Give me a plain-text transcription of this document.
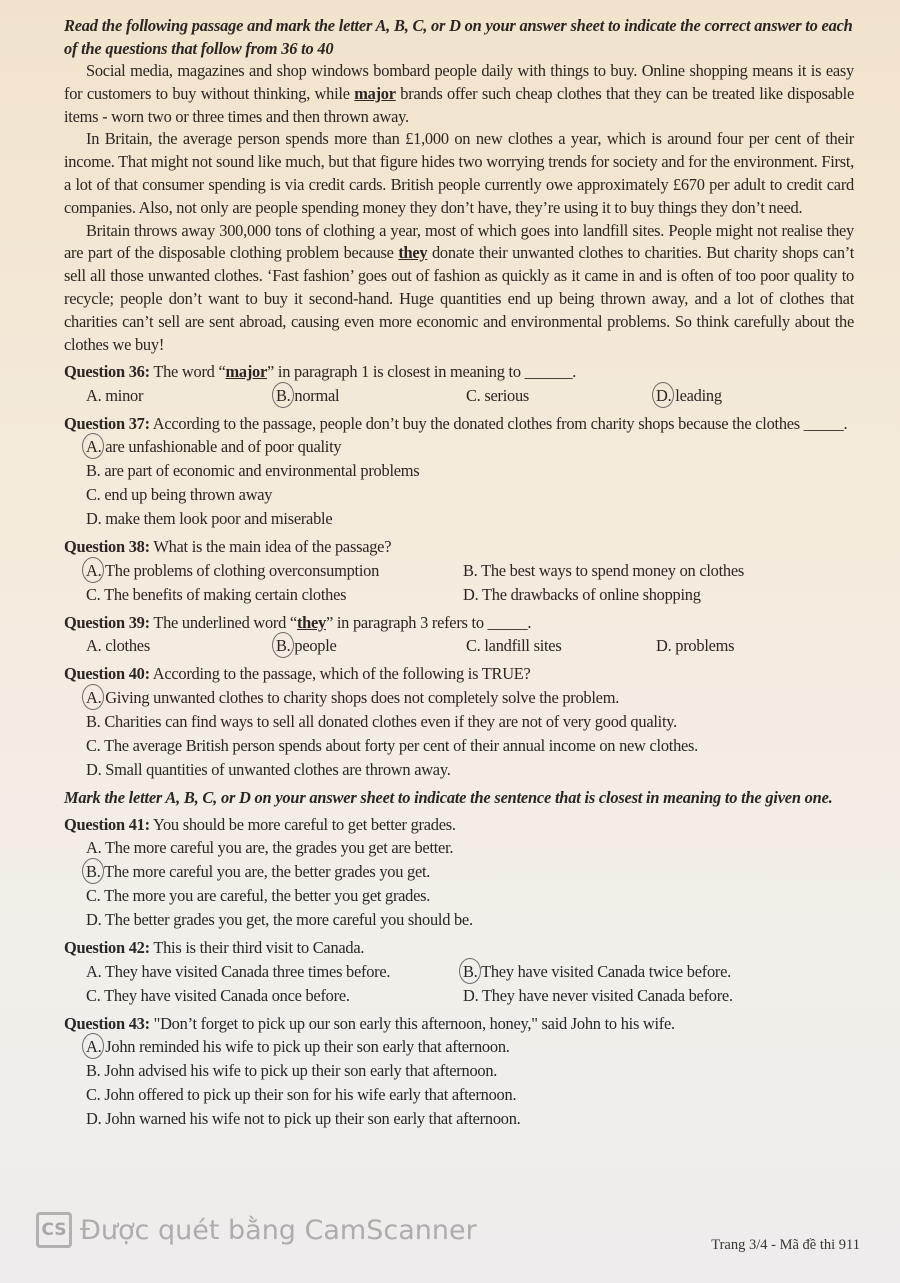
Read the following passage and mark the letter A, B, C, or D on your answer sheet to indicate the correct answer to each of the questions that follow from 36 to 40

Social media, magazines and shop windows bombard people daily with things to buy. Online shopping means it is easy for customers to buy without thinking, while major brands offer such cheap clothes that they can be treated like disposable items - worn two or three times and then thrown away.

In Britain, the average person spends more than £1,000 on new clothes a year, which is around four per cent of their income. That might not sound like much, but that figure hides two worrying trends for society and for the environment. First, a lot of that consumer spending is via credit cards. British people currently owe approximately £670 per adult to credit card companies. Also, not only are people spending money they don’t have, they’re using it to buy things they don’t need.

Britain throws away 300,000 tons of clothing a year, most of which goes into landfill sites. People might not realise they are part of the disposable clothing problem because they donate their unwanted clothes to charities. But charity shops can’t sell all those unwanted clothes. ‘Fast fashion’ goes out of fashion as quickly as it came in and is often of too poor quality to recycle; people don’t want to buy it second-hand. Huge quantities end up being thrown away, and a lot of clothes that charities can’t sell are sent abroad, causing even more economic and environmental problems. So think carefully about the clothes we buy!

Question 36: The word “major” in paragraph 1 is closest in meaning to ______.

A. minor	B. normal	C. serious	D. leading

Question 37: According to the passage, people don’t buy the donated clothes from charity shops because the clothes _____.

A. are unfashionable and of poor quality
B. are part of economic and environmental problems
C. end up being thrown away
D. make them look poor and miserable

Question 38: What is the main idea of the passage?

A. The problems of clothing overconsumption	B. The best ways to spend money on clothes
C. The benefits of making certain clothes	D. The drawbacks of online shopping

Question 39: The underlined word “they” in paragraph 3 refers to _____.

A. clothes	B. people	C. landfill sites	D. problems

Question 40: According to the passage, which of the following is TRUE?

A. Giving unwanted clothes to charity shops does not completely solve the problem.
B. Charities can find ways to sell all donated clothes even if they are not of very good quality.
C. The average British person spends about forty per cent of their annual income on new clothes.
D. Small quantities of unwanted clothes are thrown away.

Mark the letter A, B, C, or D on your answer sheet to indicate the sentence that is closest in meaning to the given one.

Question 41: You should be more careful to get better grades.

A. The more careful you are, the grades you get are better.
B. The more careful you are, the better grades you get.
C. The more you are careful, the better you get grades.
D. The better grades you get, the more careful you should be.

Question 42: This is their third visit to Canada.

A. They have visited Canada three times before.	B. They have visited Canada twice before.
C. They have visited Canada once before.	D. They have never visited Canada before.

Question 43: "Don’t forget to pick up our son early this afternoon, honey," said John to his wife.

A. John reminded his wife to pick up their son early that afternoon.
B. John advised his wife to pick up their son early that afternoon.
C. John offered to pick up their son for his wife early that afternoon.
D. John warned his wife not to pick up their son early that afternoon.
CS Được quét bằng CamScanner	Trang 3/4 - Mã đề thi 911
